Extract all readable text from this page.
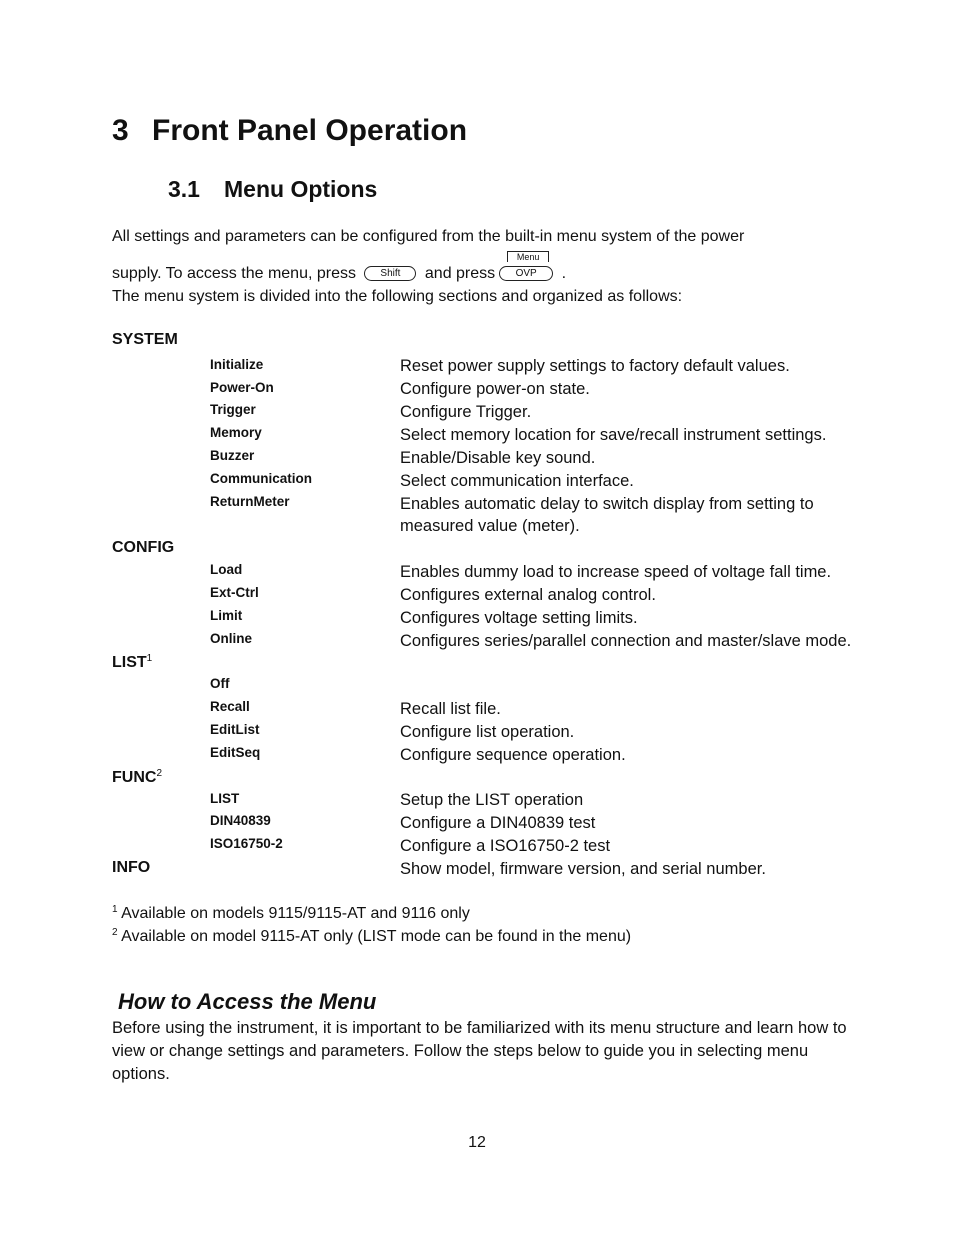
3 Front Panel Operation
3.1 Menu Options
All settings and parameters can be configured from the built-in menu system of the power
supply. To access the menu, press Shift and press
Menu
OVP .
The menu system is divided into the following sections and organized as follows:
SYSTEM
Initialize	Reset power supply settings to factory default values.
Power-On	Configure power-on state.
Trigger	Configure Trigger.
Memory	Select memory location for save/recall instrument settings.
Buzzer	Enable/Disable key sound.
Communication	Select communication interface.
ReturnMeter	Enables automatic delay to switch display from setting to measured value (meter).
CONFIG
Load	Enables dummy load to increase speed of voltage fall time.
Ext-Ctrl	Configures external analog control.
Limit	Configures voltage setting limits.
Online	Configures series/parallel connection and master/slave mode.
LIST$^1$
Off
Recall	Recall list file.
EditList	Configure list operation.
EditSeq	Configure sequence operation.
FUNC$^2$
LIST	Setup the LIST operation
DIN40839	Configure a DIN40839 test
ISO16750-2	Configure a ISO16750-2 test
INFO	Show model, firmware version, and serial number.
$^1$ Available on models 9115/9115-AT and 9116 only
$^2$ Available on model 9115-AT only (LIST mode can be found in the menu)
How to Access the Menu
Before using the instrument, it is important to be familiarized with its menu structure and learn how to view or change settings and parameters. Follow the steps below to guide you in selecting menu options.
12
